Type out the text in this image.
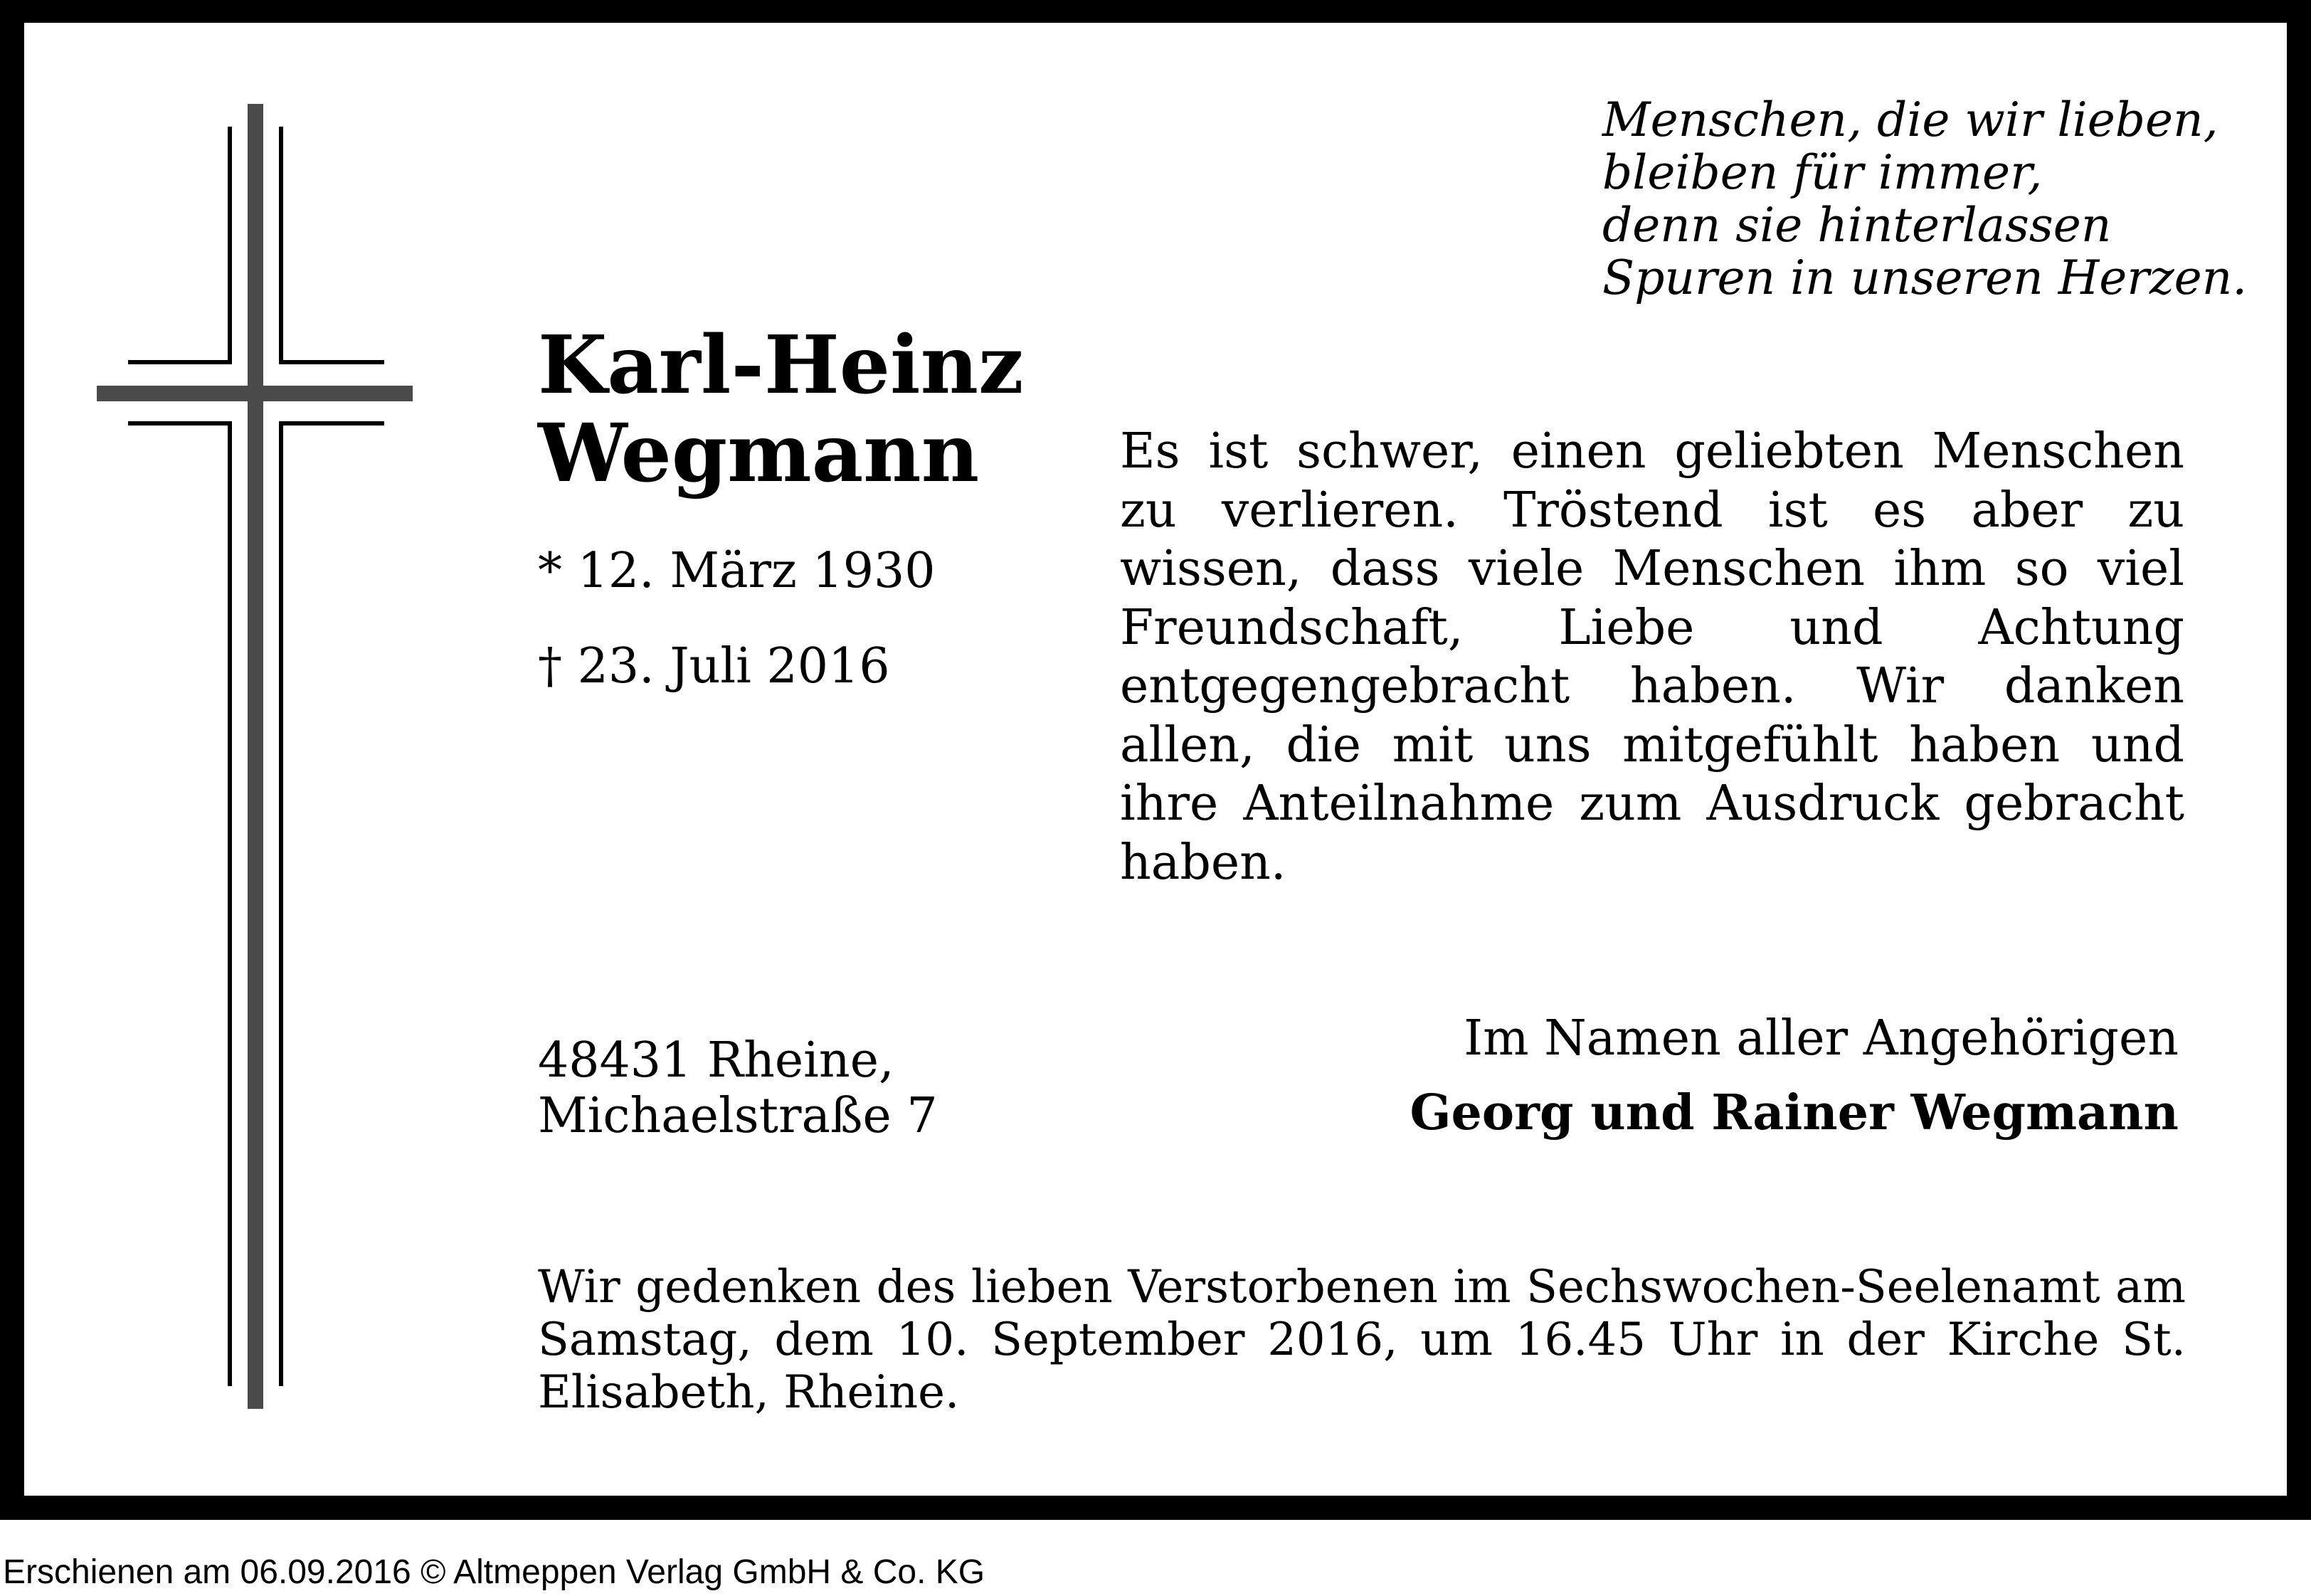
Menschen, die wir lieben,
bleiben für immer,
denn sie hinterlassen
Spuren in unseren Herzen.
Karl-Heinz
Wegmann
* 12. März 1930
† 23. Juli 2016
Es ist schwer, einen geliebten Menschen zu verlieren. Tröstend ist es aber zu wissen, dass viele Menschen ihm so viel Freundschaft, Liebe und Achtung entgegengebracht haben. Wir danken allen, die mit uns mitgefühlt haben und ihre Anteilnahme zum Ausdruck gebracht haben.
48431 Rheine,
Michaelstraße 7
Im Namen aller Angehörigen
Georg und Rainer Wegmann
Wir gedenken des lieben Verstorbenen im Sechswochen-Seelenamt am Samstag, dem 10. September 2016, um 16.45 Uhr in der Kirche St. Elisabeth, Rheine.
Erschienen am 06.09.2016 © Altmeppen Verlag GmbH & Co. KG
